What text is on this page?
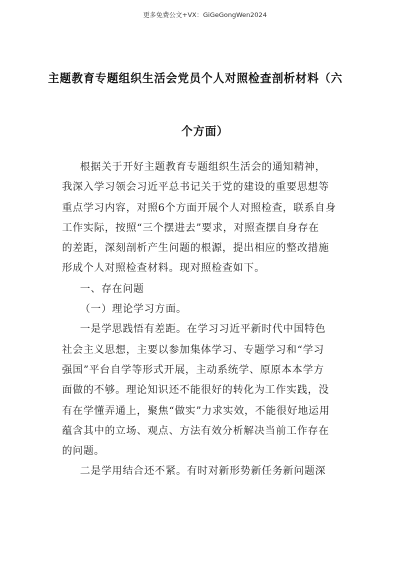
更多免费公文+VX：GiGeGongWen2024
主题教育专题组织生活会党员个人对照检查剖析材料（六
个方面）
根据关于开好主题教育专题组织生活会的通知精神，
我深入学习领会习近平总书记关于党的建设的重要思想等
重点学习内容，对照6个方面开展个人对照检查，联系自身
工作实际，按照“三个摆进去”要求，对照查摆自身存在
的差距，深刻剖析产生问题的根源，提出相应的整改措施
形成个人对照检查材料。现对照检查如下。
一、存在问题
（一）理论学习方面。
一是学思践悟有差距。在学习习近平新时代中国特色
社会主义思想，主要以参加集体学习、专题学习和“学习
强国”平台自学等形式开展，主动系统学、原原本本学方
面做的不够。理论知识还不能很好的转化为工作实践，没
有在学懂弄通上，聚焦“做实”力求实效，不能很好地运用
蕴含其中的立场、观点、方法有效分析解决当前工作存在
的问题。
二是学用结合还不紧。有时对新形势新任务新问题深
